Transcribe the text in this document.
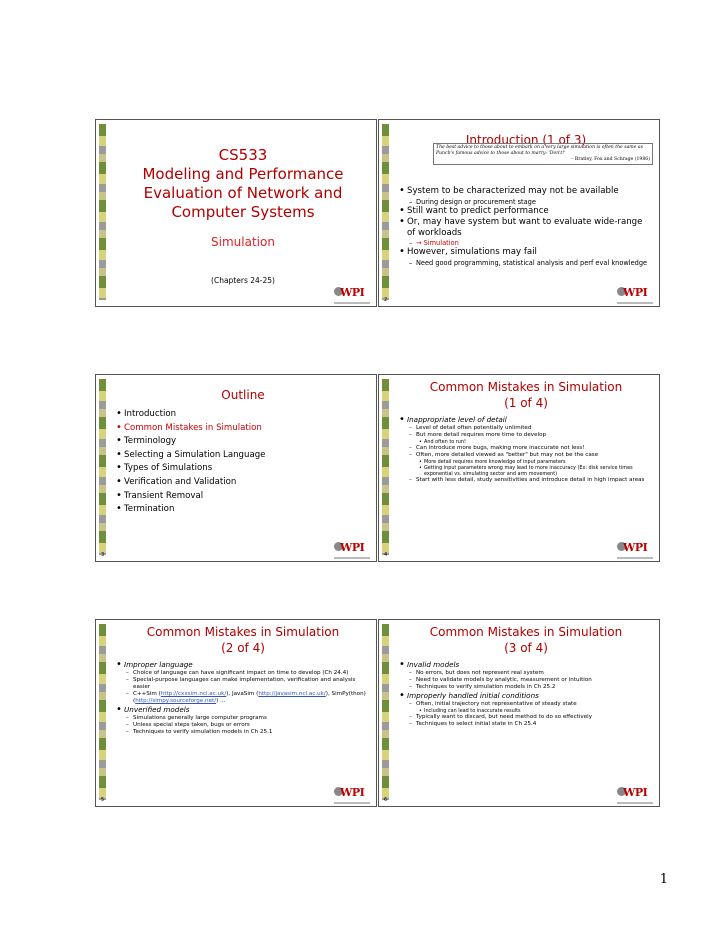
CS533
Modeling and Performance
Evaluation of Network and
Computer Systems
Simulation
(Chapters 24-25)
WPI
Introduction (1 of 3)
The best advice to those about to embark on a very large simulation is often the same as Punch's famous advice to those about to marry: 'Don't!'
– Bratley, Fox and Schrage (1986)
• System to be characterized may not be available
– During design or procurement stage
• Still want to predict performance
• Or, may have system but want to evaluate wide-range of workloads
– → Simulation
• However, simulations may fail
– Need good programming, statistical analysis and perf eval knowledge
2
WPI
Outline
• Introduction
• Common Mistakes in Simulation
• Terminology
• Selecting a Simulation Language
• Types of Simulations
• Verification and Validation
• Transient Removal
• Termination
3
WPI
Common Mistakes in Simulation
(1 of 4)
• Inappropriate level of detail
– Level of detail often potentially unlimited
– But more detail requires more time to develop
• And often to run!
– Can introduce more bugs, making more inaccurate not less!
– Often, more detailed viewed as "better" but may not be the case
• More detail requires more knowledge of input parameters
• Getting input parameters wrong may lead to more inaccuracy (Ex: disk service times exponential vs. simulating sector and arm movement)
– Start with less detail, study sensitivities and introduce detail in high impact areas
4
WPI
Common Mistakes in Simulation
(2 of 4)
• Improper language
– Choice of language can have significant impact on time to develop (Ch 24.4)
– Special-purpose languages can make implementation, verification and analysis easier
– C++Sim (http://cxxsim.ncl.ac.uk/), JavaSim (http://javasim.ncl.ac.uk/), SimPy(thon) (http://simpy.sourceforge.net/) …
• Unverified models
– Simulations generally large computer programs
– Unless special steps taken, bugs or errors
– Techniques to verify simulation models in Ch 25.1
5
WPI
Common Mistakes in Simulation
(3 of 4)
• Invalid models
– No errors, but does not represent real system
– Need to validate models by analytic, measurement or intuition
– Techniques to verify simulation models in Ch 25.2
• Improperly handled initial conditions
– Often, initial trajectory not representative of steady state
• Including can lead to inaccurate results
– Typically want to discard, but need method to do so effectively
– Techniques to select initial state in Ch 25.4
6
WPI
1
